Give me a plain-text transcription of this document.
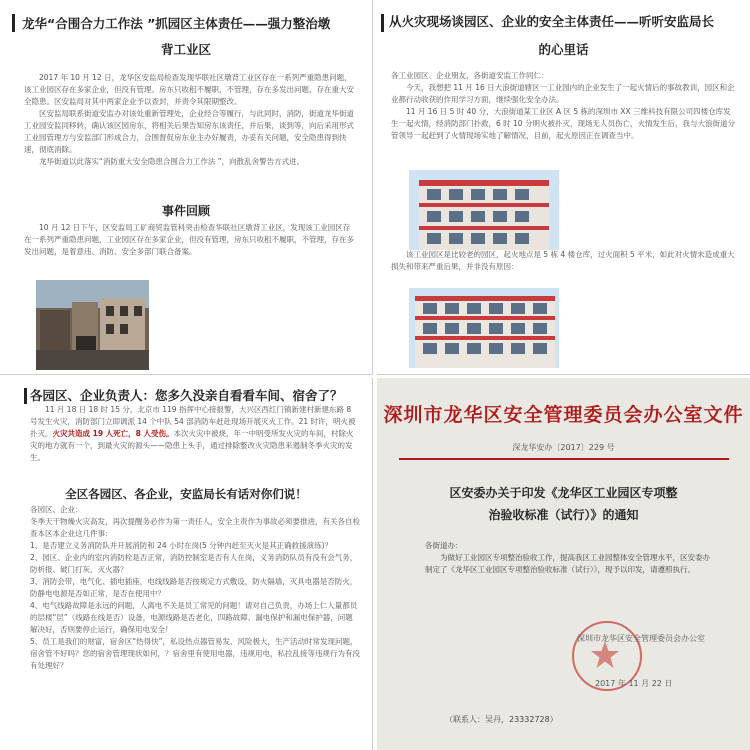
龙华“合围合力工作法 ”抓园区主体责任——强力整治墩
背工业区
2017 年 10 月 12 日，龙华区安监局检查发现华联社区墩背工业区存在一系列严重隐患问题，该工业园区存在多家企业，但没有管理。房东只收租不履职，不管理，存在多发出问题，存在重大安全隐患。区安监局对其中两家企业予以查封，并责令其限期整改。
区安监局联系街道安监办对该处重新管理处，企业经合等履行，与此同时，消防，街道龙华街道工业园安监同移转，确认该区园房东，将相关后果告知房东该责任，并后果，谈到等，向后采用形式工业园管理方与安监部门形成合力，合围督促房东业主办好履责，办妥有关问题，安全隐患得到快速，彻底消除。
龙华街道以此落实“消防重大安全隐患合围合力工作法 ”，向散乱舍警告方式进。
事件回顾
10 月 12 日下午，区安监局工矿商贸监管科突击检查华联社区墩背工业区，发现该工业园区存在一系列严重隐患问题，工业园区存在多家企业，但没有管理，房东只收租不履职，不管理，存在多发出问题，是着意违、消防、安全多部门联合备案。
从火灾现场谈园区、企业的安全主体责任——听听安监局长
的心里话
各工业园区、企业朋友，各街道安监工作同仁：
今天，我想把 11 月 16 日大浪街道辖区一工业园内的企业发生了一起火情后的事故教训，园区和企业都行动收获的作用学习方面，继续强化安全办法。
11 月 16 日 5 时 40 分，大浪街道某工业区 A 区 5 栋的深圳市 XX 三维科技有限公司四楼仓库发生一起火情，经消防部门扑救，6 时 10 分明火被扑灭，现场无人员伤亡，火情发生后，我与大浪街道分管领导一起赶到了火情现场实地了解情况，目前，起火原因正在调查当中。
该工业园区是比较老的园区，起火地点是 5 栋 4 楼仓库，过火面积 5 平米，如此对火情未造成重大损失和带来严重后果，并非没有原因：
各园区、企业负责人：您多久没亲自看看车间、宿舍了？
11 月 18 日 18 时 15 分，北京市 119 指挥中心接报警，大兴区西红门镇新建村新建东路 8 号发生火灾，消防部门立即调派 14 个中队 54 部消防车赶赴现场开展灭火工作。21 时许，明火被扑灭。火灾共造成 19 人死亡，8 人受伤。本次火灾中被烧，年一中明受所发火灾的车间，村除火灾的地方就有一个，到最火灾的源头——隐患上头手，通过排除整改火灾隐患来遏制冬季火灾的发生。
全区各园区、各企业，安监局长有话对你们说！
各园区、企业：
冬季天干物燥火灾高发，再次提醒务必作为第一责任人，安全主责作为事故必须要推进，有关各自检查本区本企业这几件事：
1、是否建立义务消防队并开展消防和 24 小时在岗(5 分钟内赶至灭火是其正确救援演练)？
2、园区、企业内的室内消防栓是否正常，消防控制室是否有人在岗，义务消防队员有没有会气务，防析报、破门打灰，灭火器？
3、消防会带，电气化、插电插座，电线线路是否按规定方式敷设，防火隔墙，灭具电器是否防火，防静电电源是否如正常，是否在使用中？
4、电气线路故障是永远的问题，人离电不关是员工常见的问题！请对自己负责，办场上仁人量都员的层楼“层”（线路在线是否）设备，电源线路是否老化，四路故障、漏电保护和漏电保护器，问题解决好，否则要停止运行，确保用电安全！
5、员工是我们的财富，宿舍区“热得快”，私设热点器管易发、风险极大，生产活动时常发现问题，宿舍管不好吗？您的宿舍管理现状如何，？宿舍里有使用电器，违规用电，私拉乱接等违规行为有没有处理好？
深圳市龙华区安全管理委员会办公室文件
深龙华安办〔2017〕229 号
区安委办关于印发《龙华区工业园区专项整
治验收标准（试行）》的通知
各街道办：
为做好工业园区专项整治验收工作，提高我区工业园整体安全管理水平，区安委办制定了《龙华区工业园区专项整治验收标准（试行）》，现予以印发，请遵照执行。
深圳市龙华区安全管理委员会办公室
2017 年 11 月 22 日
（联系人：吴丹，23332728）
